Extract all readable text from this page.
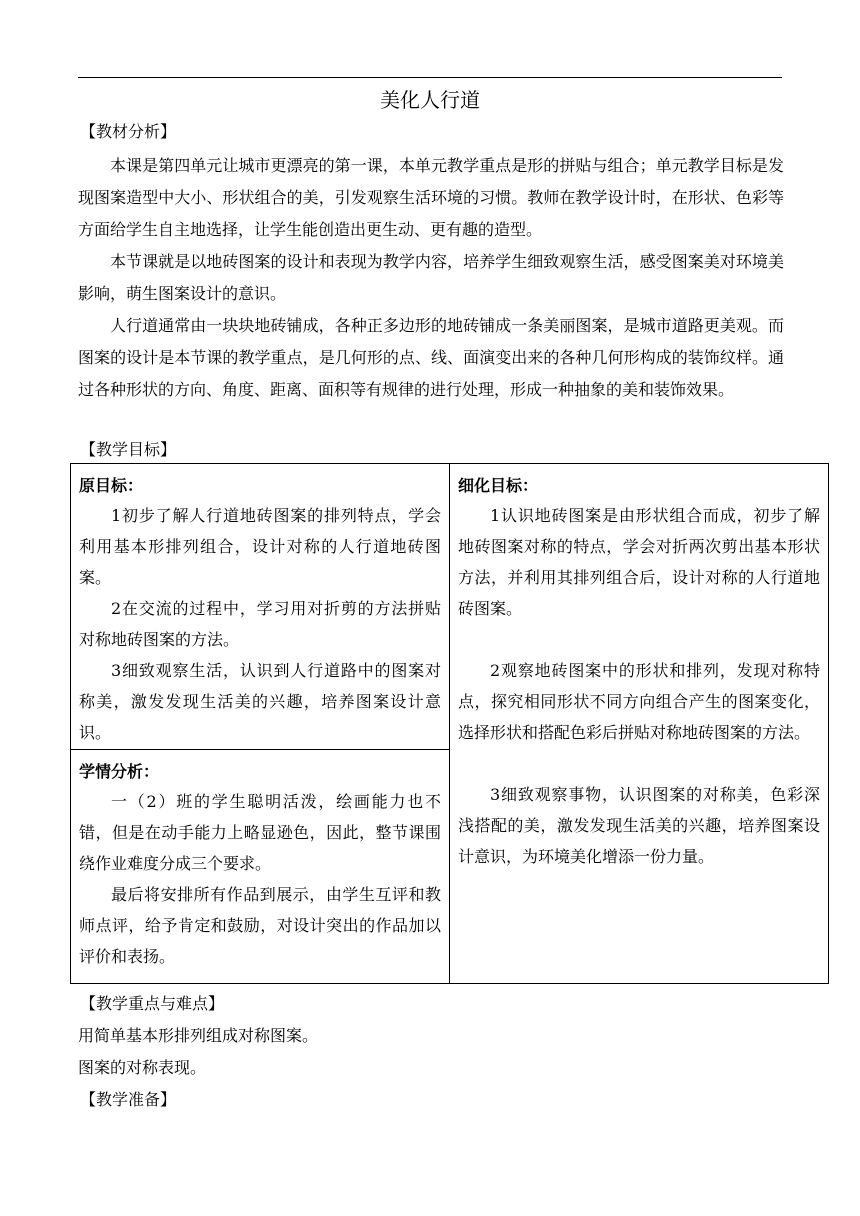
美化人行道
【教材分析】

本课是第四单元让城市更漂亮的第一课，本单元教学重点是形的拼贴与组合；单元教学目标是发现图案造型中大小、形状组合的美，引发观察生活环境的习惯。教师在教学设计时，在形状、色彩等方面给学生自主地选择，让学生能创造出更生动、更有趣的造型。

本节课就是以地砖图案的设计和表现为教学内容，培养学生细致观察生活，感受图案美对环境美影响，萌生图案设计的意识。

人行道通常由一块块地砖铺成，各种正多边形的地砖铺成一条美丽图案，是城市道路更美观。而图案的设计是本节课的教学重点，是几何形的点、线、面演变出来的各种几何形构成的装饰纹样。通过各种形状的方向、角度、距离、面积等有规律的进行处理，形成一种抽象的美和装饰效果。

【教学目标】
原目标：

1初步了解人行道地砖图案的排列特点，学会利用基本形排列组合，设计对称的人行道地砖图案。

2在交流的过程中，学习用对折剪的方法拼贴对称地砖图案的方法。

3细致观察生活，认识到人行道路中的图案对称美，激发发现生活美的兴趣，培养图案设计意识。

细化目标：

1认识地砖图案是由形状组合而成，初步了解地砖图案对称的特点，学会对折两次剪出基本形状方法，并利用其排列组合后，设计对称的人行道地砖图案。

2观察地砖图案中的形状和排列，发现对称特点，探究相同形状不同方向组合产生的图案变化，选择形状和搭配色彩后拼贴对称地砖图案的方法。

3细致观察事物，认识图案的对称美，色彩深浅搭配的美，激发发现生活美的兴趣，培养图案设计意识，为环境美化增添一份力量。

学情分析：

一（2）班的学生聪明活泼，绘画能力也不错，但是在动手能力上略显逊色，因此，整节课围绕作业难度分成三个要求。

最后将安排所有作品到展示，由学生互评和教师点评，给予肯定和鼓励，对设计突出的作品加以评价和表扬。

【教学重点与难点】
用简单基本形排列组成对称图案。
图案的对称表现。
【教学准备】
